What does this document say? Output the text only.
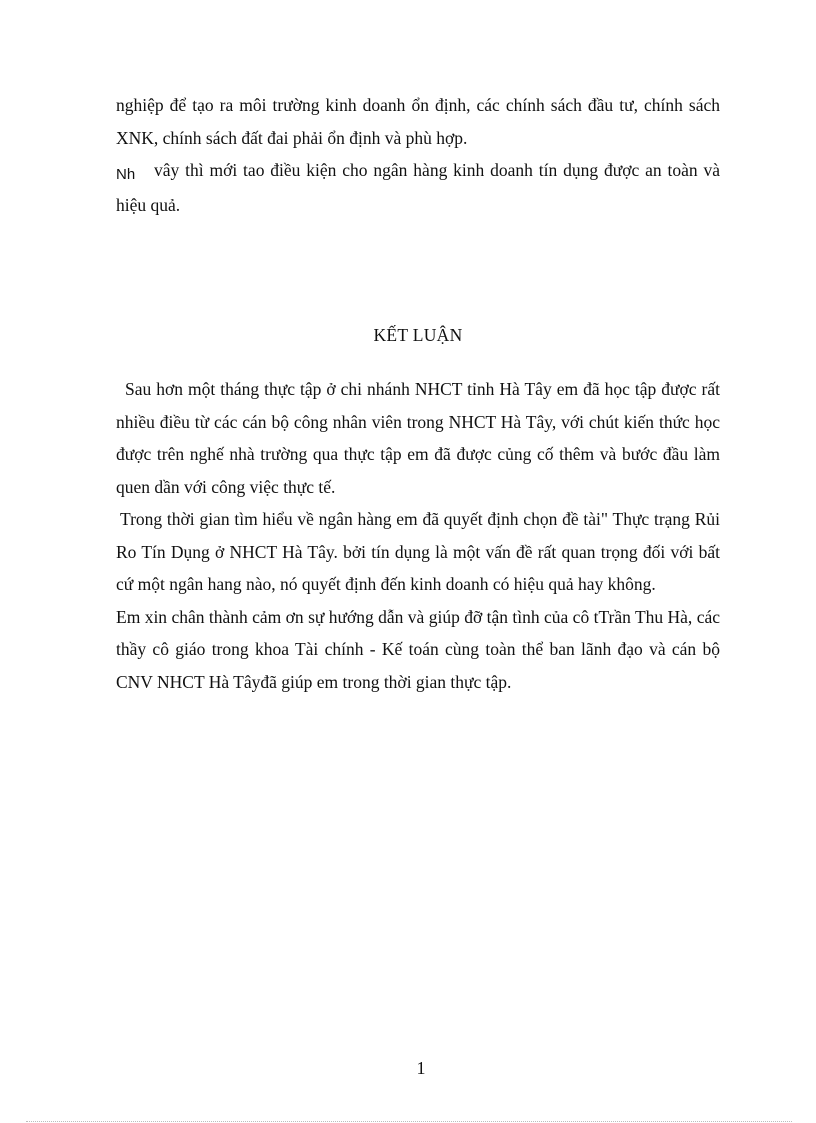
nghiệp để tạo ra môi trường kinh doanh ổn định, các chính sách đầu tư, chính sách XNK, chính sách đất đai phải ổn định và phù hợp.

Nh vây thì mới tao điều kiện cho ngân hàng kinh doanh tín dụng được an toàn và hiệu quả.

KẾT LUẬN

Sau hơn một tháng thực tập ở chi nhánh NHCT tỉnh Hà Tây em đã học tập được rất nhiều điều từ các cán bộ công nhân viên trong NHCT Hà Tây, với chút kiến thức học được trên nghế nhà trường qua thực tập em đã được củng cố thêm và bước đầu làm quen dần với công việc thực tế.

Trong thời gian tìm hiểu về ngân hàng em đã quyết định chọn đề tài" Thực trạng Rủi Ro Tín Dụng ở NHCT Hà Tây. bởi tín dụng là một vấn đề rất quan trọng đối với bất cứ một ngân hang nào, nó quyết định đến kinh doanh có hiệu quả hay không.

Em xin chân thành cảm ơn sự hướng dẫn và giúp đỡ tận tình của cô tTrần Thu Hà, các thầy cô giáo trong khoa Tài chính - Kế toán cùng toàn thể ban lãnh đạo và cán bộ CNV NHCT Hà Tâyđã giúp em trong thời gian thực tập.

1
